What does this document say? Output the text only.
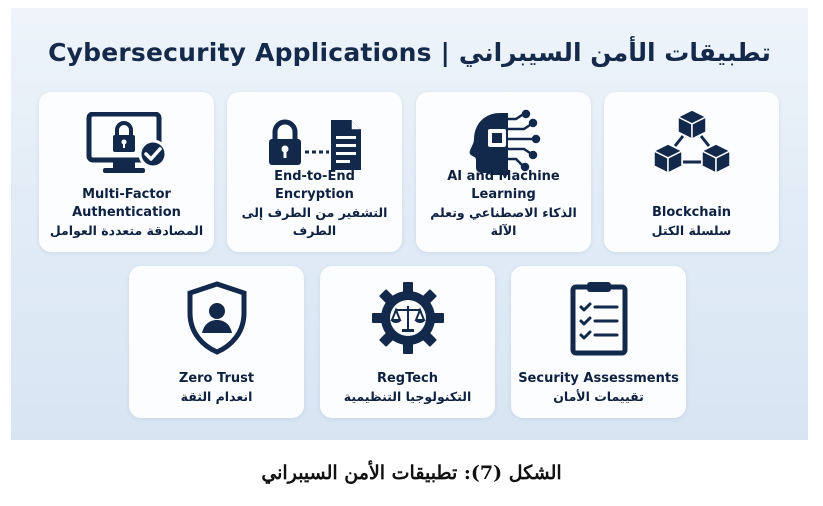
Cybersecurity Applications | تطبيقات الأمن السيبراني
Multi-Factor
Authentication
المصادقة متعددة العوامل
End-to-End
Encryption
التشفير من الطرف إلى الطرف
AI and Machine
Learning
الذكاء الاصطناعي وتعلم الآلة
Blockchain
سلسلة الكتل
Zero Trust
انعدام الثقة
RegTech
التكنولوجيا التنظيمية
Security Assessments
تقييمات الأمان
الشكل (7): تطبيقات الأمن السيبراني
